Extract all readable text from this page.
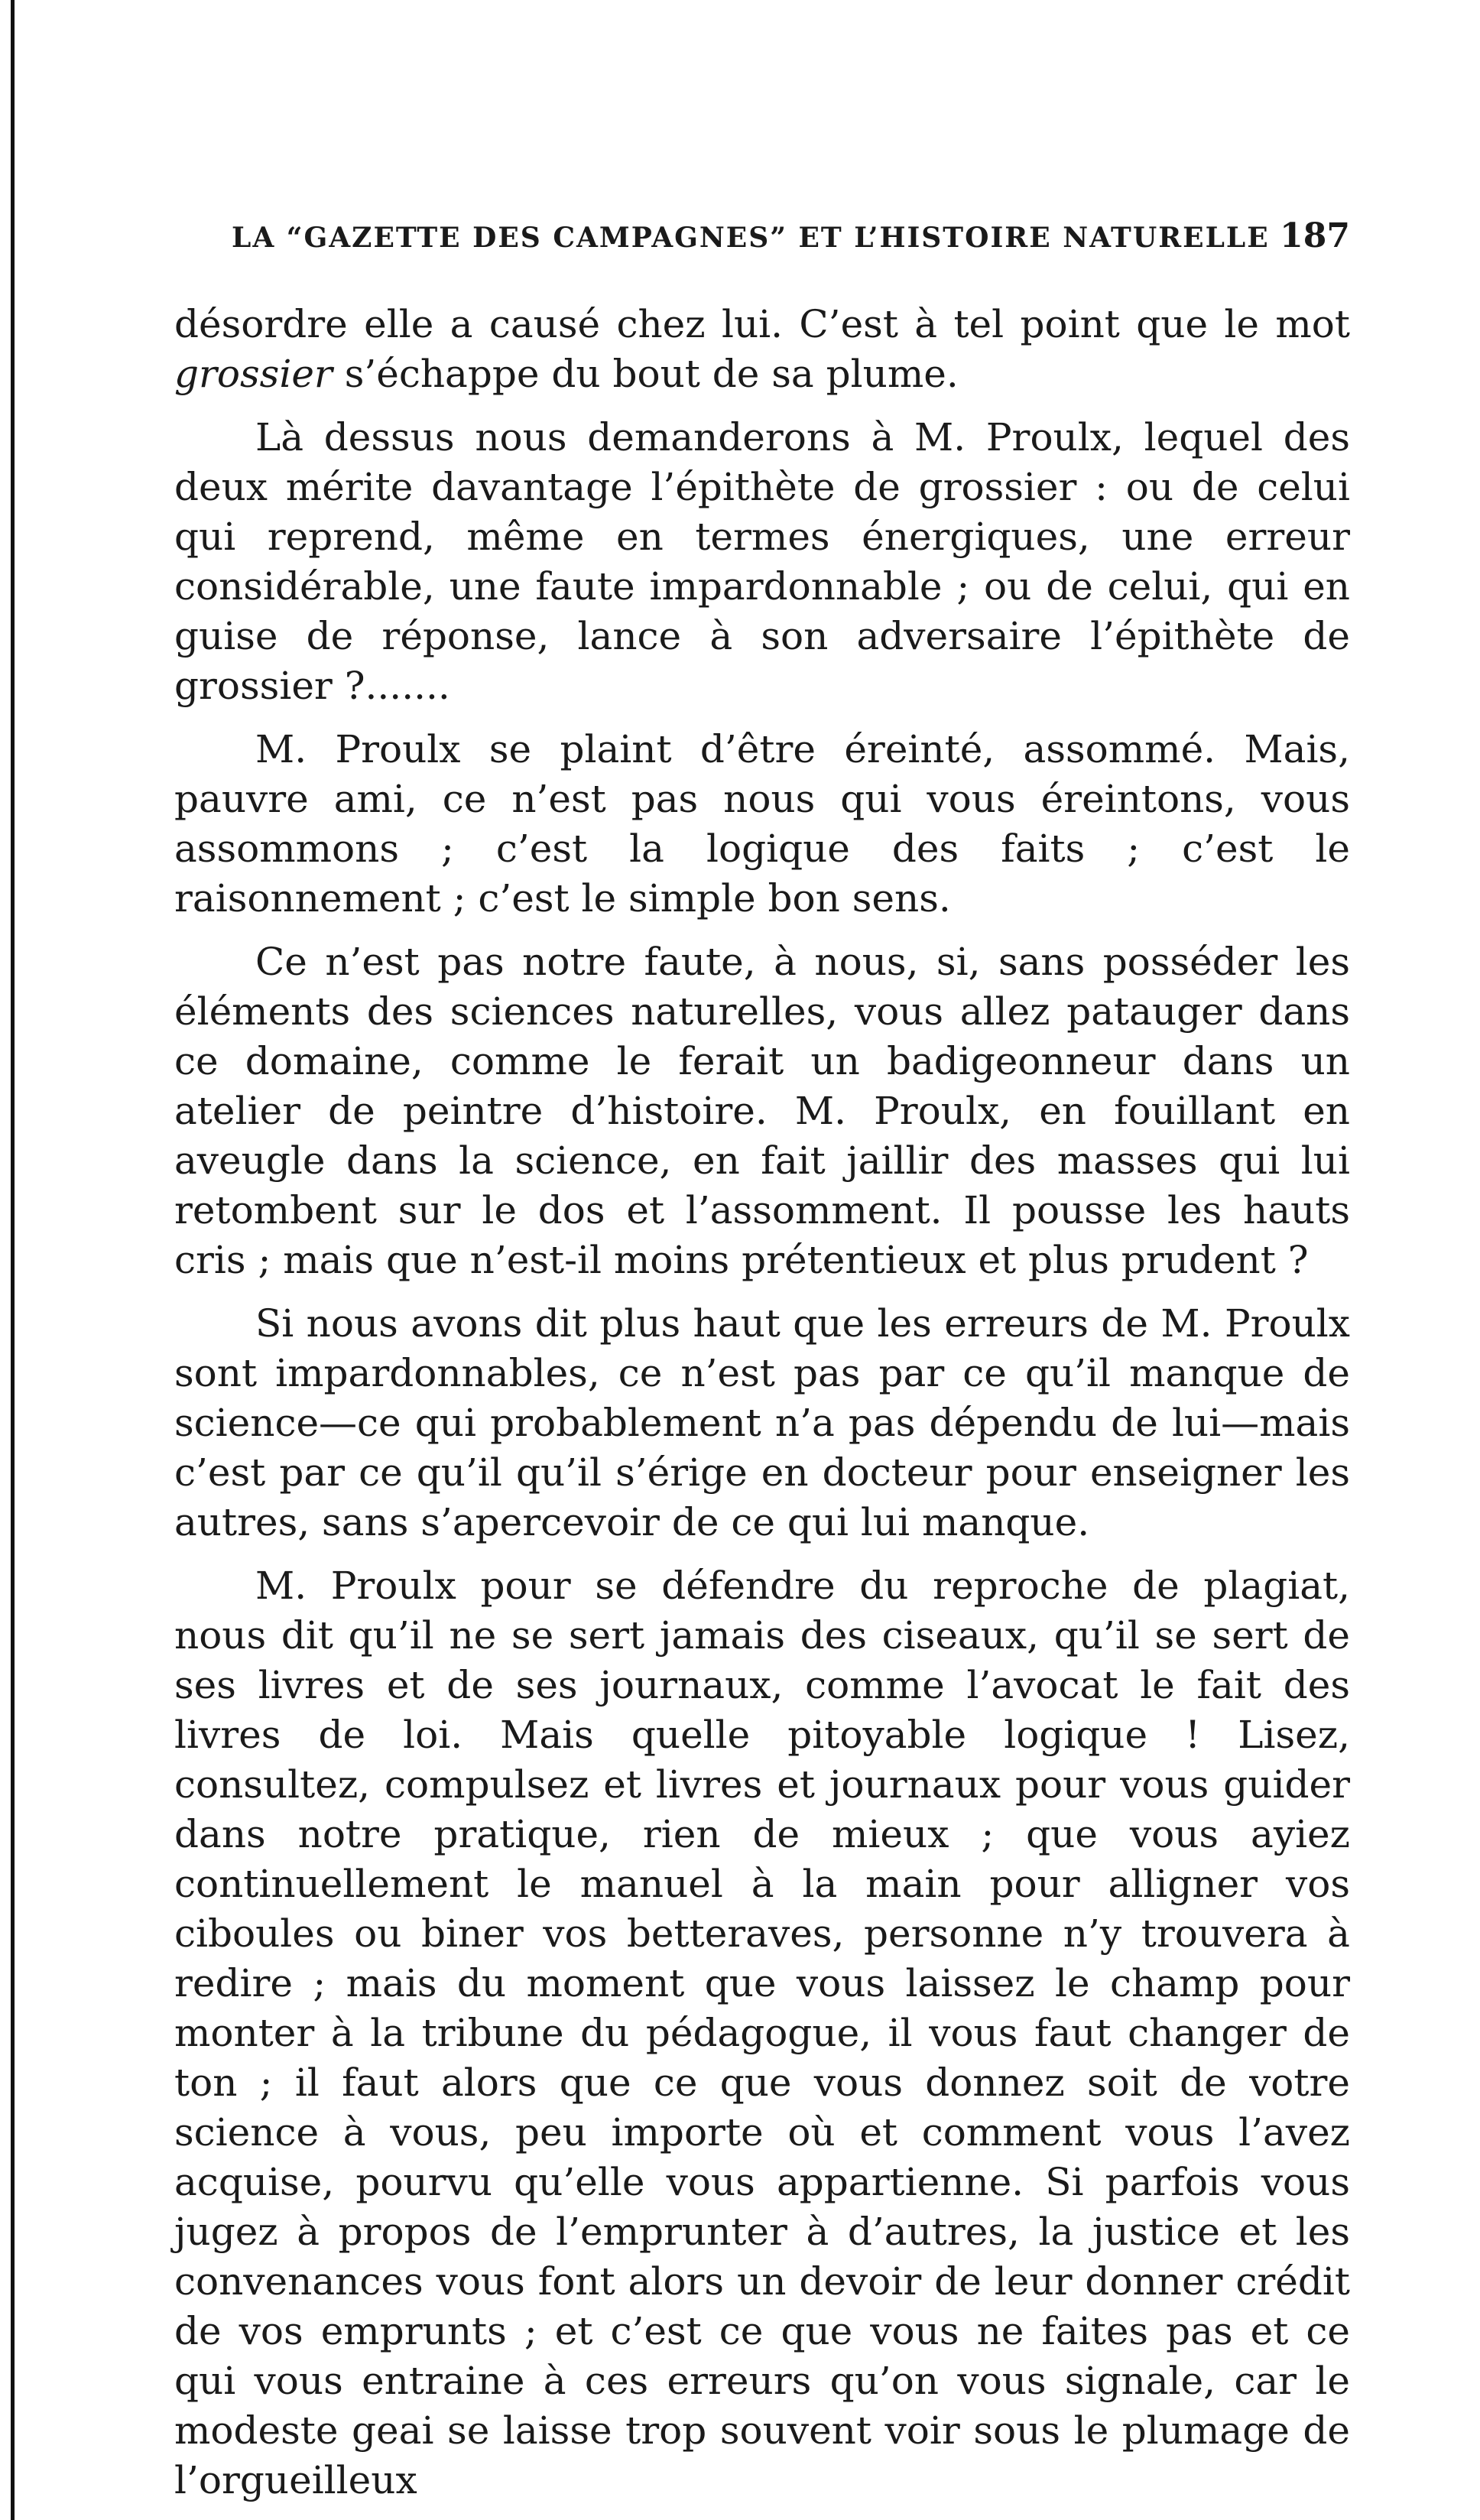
LA “GAZETTE DES CAMPAGNES” ET L’HISTOIRE NATURELLE 187

désordre elle a causé chez lui. C’est à tel point que le mot grossier s’échappe du bout de sa plume.

Là dessus nous demanderons à M. Proulx, lequel des deux mérite davantage l’épithète de grossier : ou de celui qui reprend, même en termes énergiques, une erreur considérable, une faute impardonnable ; ou de celui, qui en guise de réponse, lance à son adversaire l’épithète de grossier ?.......

M. Proulx se plaint d’être éreinté, assommé. Mais, pauvre ami, ce n’est pas nous qui vous éreintons, vous assommons ; c’est la logique des faits ; c’est le raisonnement ; c’est le simple bon sens.

Ce n’est pas notre faute, à nous, si, sans posséder les éléments des sciences naturelles, vous allez patauger dans ce domaine, comme le ferait un badigeonneur dans un atelier de peintre d’histoire. M. Proulx, en fouillant en aveugle dans la science, en fait jaillir des masses qui lui retombent sur le dos et l’assomment. Il pousse les hauts cris ; mais que n’est-il moins prétentieux et plus prudent ?

Si nous avons dit plus haut que les erreurs de M. Proulx sont impardonnables, ce n’est pas par ce qu’il manque de science—ce qui probablement n’a pas dépendu de lui—mais c’est par ce qu’il qu’il s’érige en docteur pour enseigner les autres, sans s’apercevoir de ce qui lui manque.

M. Proulx pour se défendre du reproche de plagiat, nous dit qu’il ne se sert jamais des ciseaux, qu’il se sert de ses livres et de ses journaux, comme l’avocat le fait des livres de loi. Mais quelle pitoyable logique ! Lisez, consultez, compulsez et livres et journaux pour vous guider dans notre pratique, rien de mieux ; que vous ayiez continuellement le manuel à la main pour alligner vos ciboules ou biner vos betteraves, personne n’y trouvera à redire ; mais du moment que vous laissez le champ pour monter à la tribune du pédagogue, il vous faut changer de ton ; il faut alors que ce que vous donnez soit de votre science à vous, peu importe où et comment vous l’avez acquise, pourvu qu’elle vous appartienne. Si parfois vous jugez à propos de l’emprunter à d’autres, la justice et les convenances vous font alors un devoir de leur donner crédit de vos emprunts ; et c’est ce que vous ne faites pas et ce qui vous entraine à ces erreurs qu’on vous signale, car le modeste geai se laisse trop souvent voir sous le plumage de l’orgueilleux
